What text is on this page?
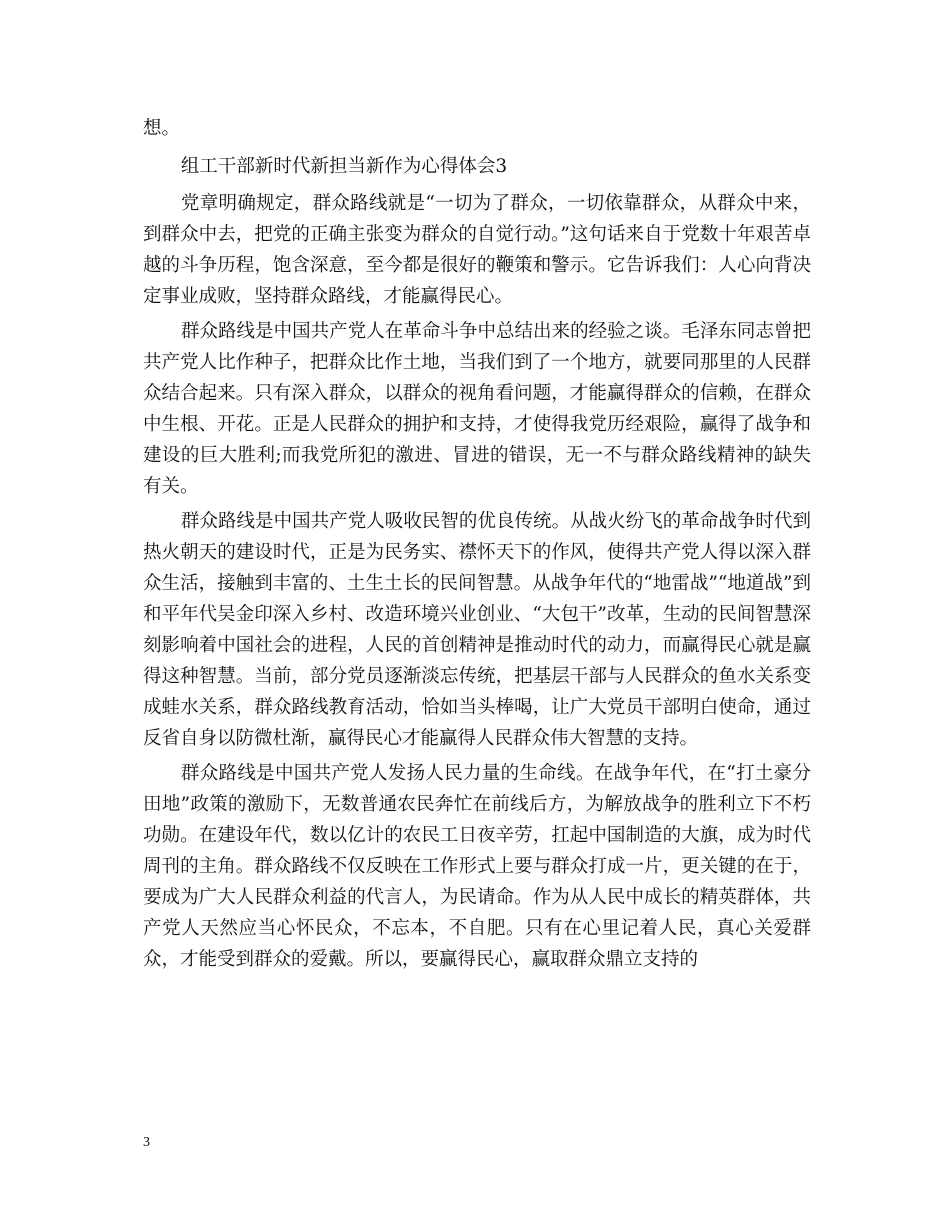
想。

组工干部新时代新担当新作为心得体会3

党章明确规定，群众路线就是“一切为了群众，一切依靠群众，从群众中来，到群众中去，把党的正确主张变为群众的自觉行动。”这句话来自于党数十年艰苦卓越的斗争历程，饱含深意，至今都是很好的鞭策和警示。它告诉我们：人心向背决定事业成败，坚持群众路线，才能赢得民心。

群众路线是中国共产党人在革命斗争中总结出来的经验之谈。毛泽东同志曾把共产党人比作种子，把群众比作土地，当我们到了一个地方，就要同那里的人民群众结合起来。只有深入群众，以群众的视角看问题，才能赢得群众的信赖，在群众中生根、开花。正是人民群众的拥护和支持，才使得我党历经艰险，赢得了战争和建设的巨大胜利;而我党所犯的激进、冒进的错误，无一不与群众路线精神的缺失有关。

群众路线是中国共产党人吸收民智的优良传统。从战火纷飞的革命战争时代到热火朝天的建设时代，正是为民务实、襟怀天下的作风，使得共产党人得以深入群众生活，接触到丰富的、土生土长的民间智慧。从战争年代的“地雷战”“地道战”到和平年代吴金印深入乡村、改造环境兴业创业、“大包干”改革，生动的民间智慧深刻影响着中国社会的进程，人民的首创精神是推动时代的动力，而赢得民心就是赢得这种智慧。当前，部分党员逐渐淡忘传统，把基层干部与人民群众的鱼水关系变成蛙水关系，群众路线教育活动，恰如当头棒喝，让广大党员干部明白使命，通过反省自身以防微杜渐，赢得民心才能赢得人民群众伟大智慧的支持。

群众路线是中国共产党人发扬人民力量的生命线。在战争年代，在“打土豪分田地”政策的激励下，无数普通农民奔忙在前线后方，为解放战争的胜利立下不朽功勋。在建设年代，数以亿计的农民工日夜辛劳，扛起中国制造的大旗，成为时代周刊的主角。群众路线不仅反映在工作形式上要与群众打成一片，更关键的在于，要成为广大人民群众利益的代言人，为民请命。作为从人民中成长的精英群体，共产党人天然应当心怀民众，不忘本，不自肥。只有在心里记着人民，真心关爱群众，才能受到群众的爱戴。所以，要赢得民心，赢取群众鼎立支持的

3
